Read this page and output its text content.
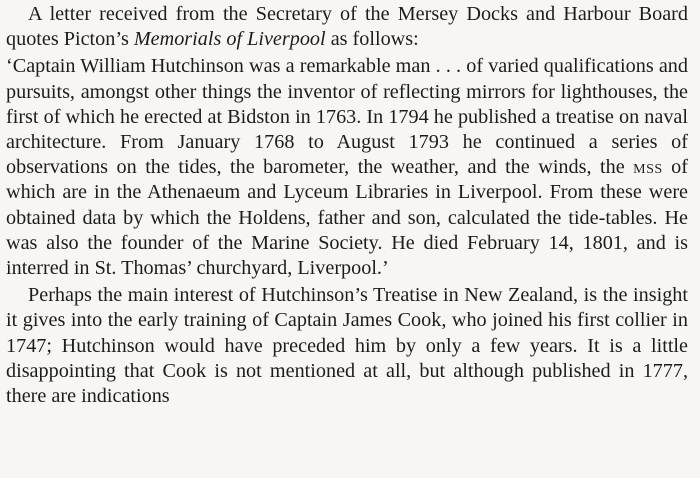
A letter received from the Secretary of the Mersey Docks and Harbour Board quotes Picton’s Memorials of Liverpool as follows:

‘Captain William Hutchinson was a remarkable man . . . of varied qualifications and pursuits, amongst other things the inventor of reflecting mirrors for lighthouses, the first of which he erected at Bidston in 1763. In 1794 he published a treatise on naval architecture. From January 1768 to August 1793 he continued a series of observations on the tides, the barometer, the weather, and the winds, the mss of which are in the Athenaeum and Lyceum Libraries in Liverpool. From these were obtained data by which the Holdens, father and son, calculated the tide-tables. He was also the founder of the Marine Society. He died February 14, 1801, and is interred in St. Thomas’ churchyard, Liverpool.’

Perhaps the main interest of Hutchinson’s Treatise in New Zealand, is the insight it gives into the early training of Captain James Cook, who joined his first collier in 1747; Hutchinson would have preceded him by only a few years. It is a little disappointing that Cook is not mentioned at all, but although published in 1777, there are indications
